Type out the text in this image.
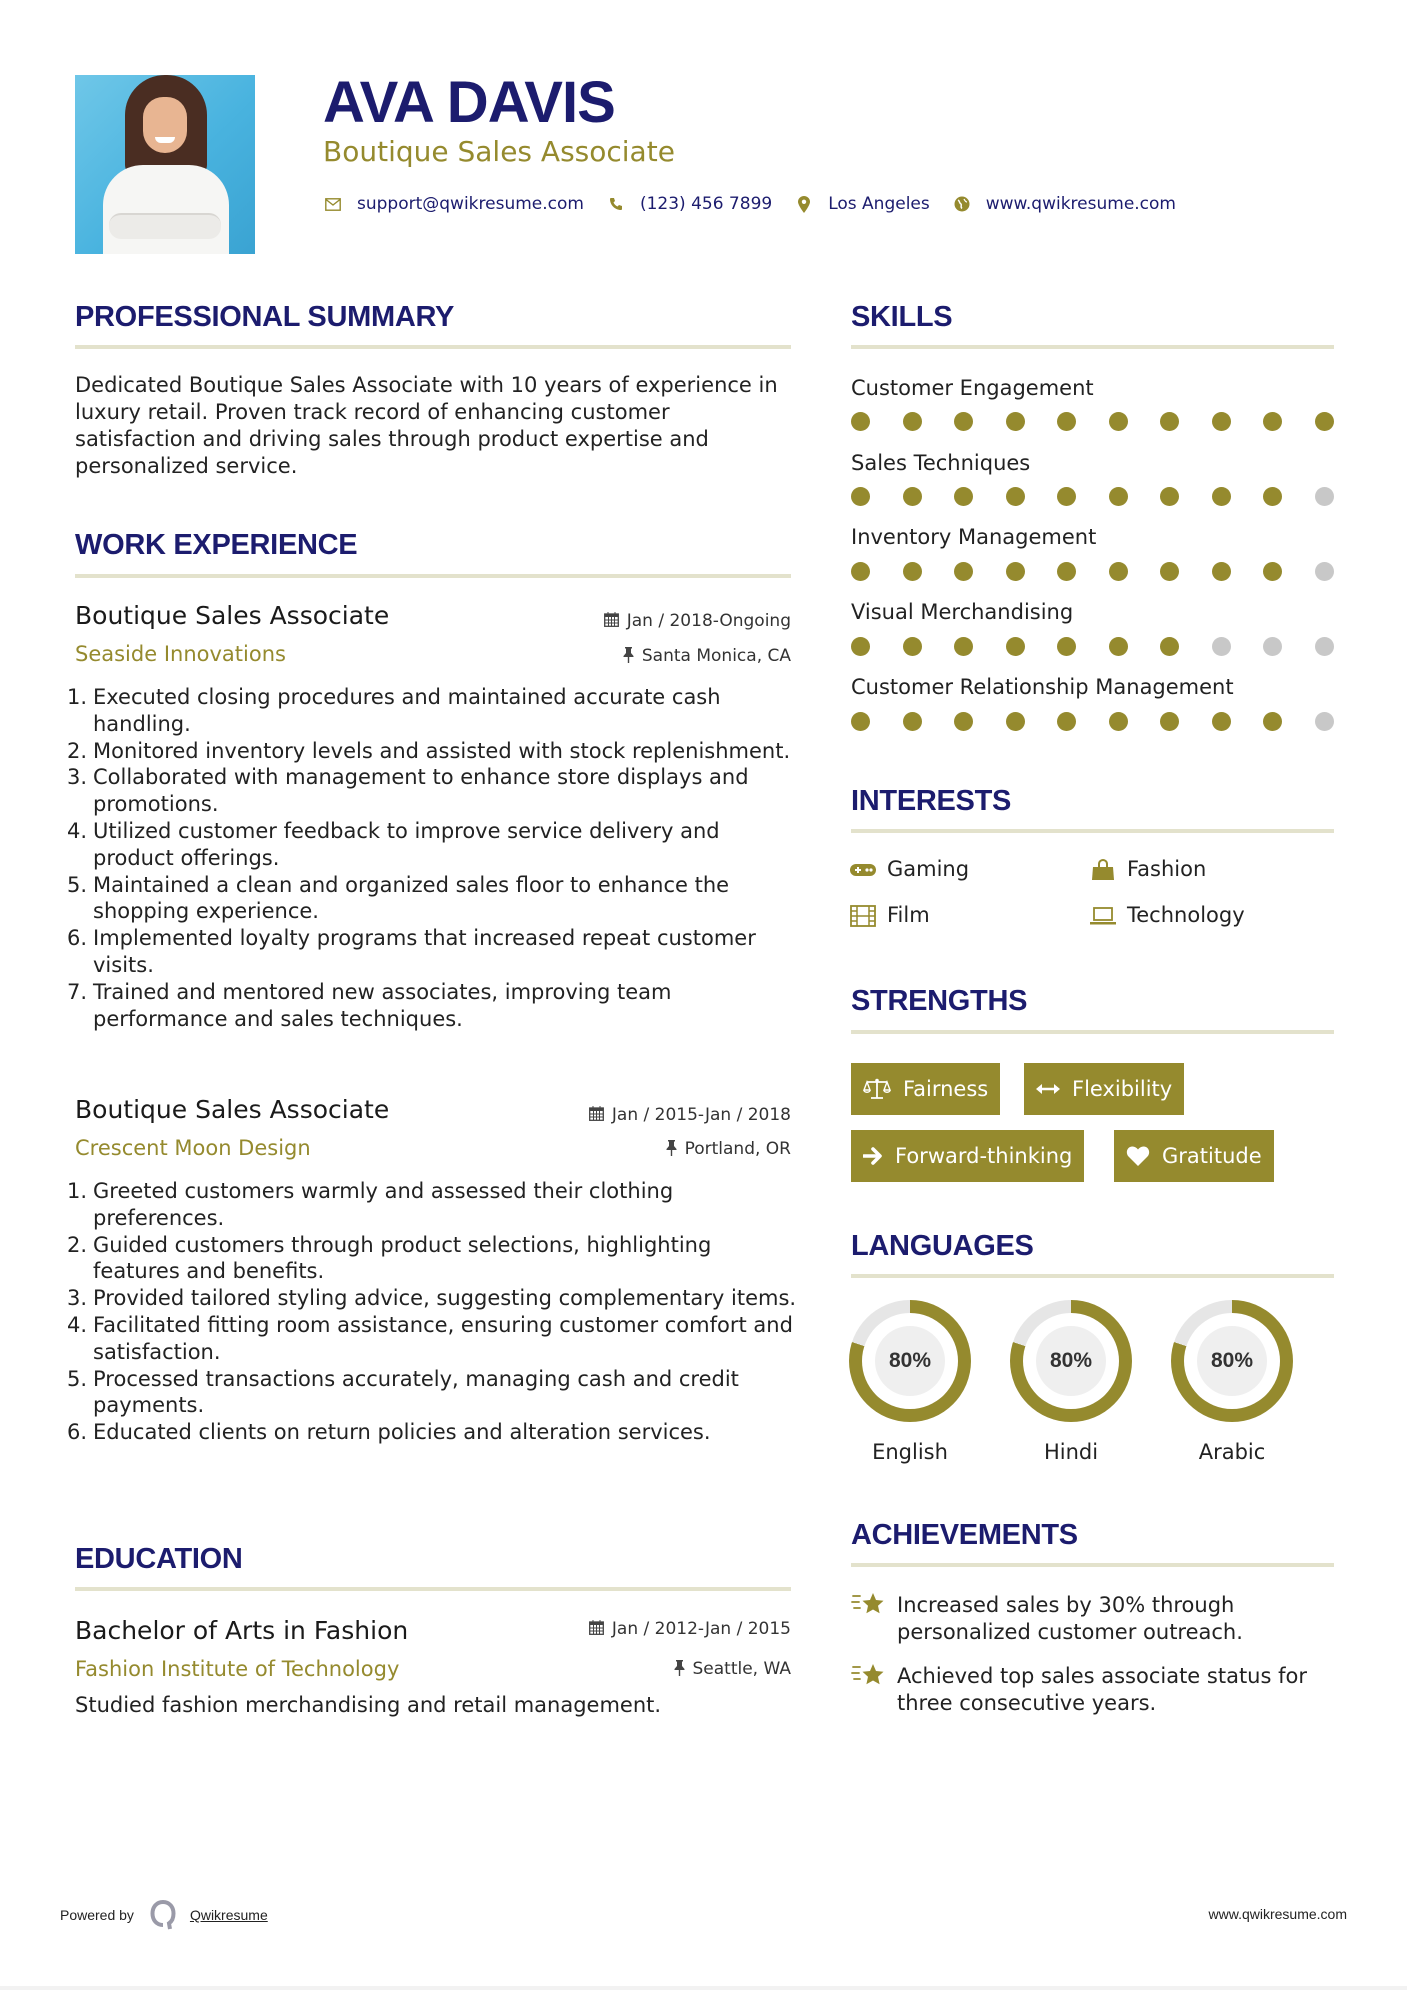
AVA DAVIS
Boutique Sales Associate
support@qwikresume.com	(123) 456 7899	Los Angeles	www.qwikresume.com
PROFESSIONAL SUMMARY
Dedicated Boutique Sales Associate with 10 years of experience in luxury retail. Proven track record of enhancing customer satisfaction and driving sales through product expertise and personalized service.
WORK EXPERIENCE
Boutique Sales Associate	Jan / 2018-Ongoing
Seaside Innovations	Santa Monica, CA
1. Executed closing procedures and maintained accurate cash handling.
2. Monitored inventory levels and assisted with stock replenishment.
3. Collaborated with management to enhance store displays and promotions.
4. Utilized customer feedback to improve service delivery and product offerings.
5. Maintained a clean and organized sales floor to enhance the shopping experience.
6. Implemented loyalty programs that increased repeat customer visits.
7. Trained and mentored new associates, improving team performance and sales techniques.
Boutique Sales Associate	Jan / 2015-Jan / 2018
Crescent Moon Design	Portland, OR
1. Greeted customers warmly and assessed their clothing preferences.
2. Guided customers through product selections, highlighting features and benefits.
3. Provided tailored styling advice, suggesting complementary items.
4. Facilitated fitting room assistance, ensuring customer comfort and satisfaction.
5. Processed transactions accurately, managing cash and credit payments.
6. Educated clients on return policies and alteration services.
EDUCATION
Bachelor of Arts in Fashion	Jan / 2012-Jan / 2015
Fashion Institute of Technology	Seattle, WA
Studied fashion merchandising and retail management.
SKILLS
Customer Engagement
Sales Techniques
Inventory Management
Visual Merchandising
Customer Relationship Management
INTERESTS
Gaming	Fashion
Film	Technology
STRENGTHS
Fairness	Flexibility
Forward-thinking	Gratitude
LANGUAGES
80%
English
80%
Hindi
80%
Arabic
ACHIEVEMENTS
Increased sales by 30% through personalized customer outreach.
Achieved top sales associate status for three consecutive years.
Powered by	Qwikresume	www.qwikresume.com
